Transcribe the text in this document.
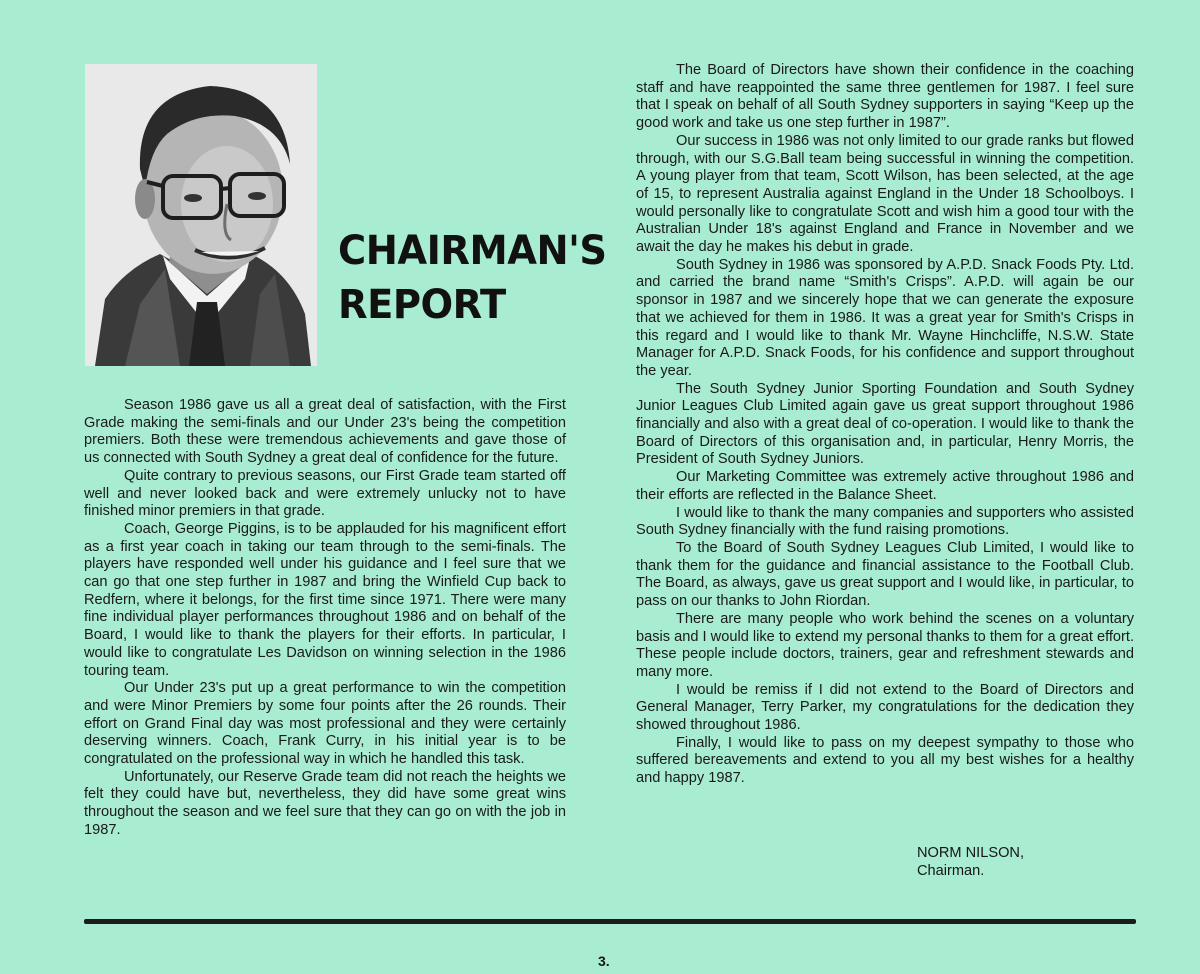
CHAIRMAN'S
REPORT

Season 1986 gave us all a great deal of satisfaction, with the First Grade making the semi-finals and our Under 23's being the competition premiers. Both these were tremendous achievements and gave those of us connected with South Sydney a great deal of confidence for the future.

Quite contrary to previous seasons, our First Grade team started off well and never looked back and were extremely unlucky not to have finished minor premiers in that grade.

Coach, George Piggins, is to be applauded for his magnificent effort as a first year coach in taking our team through to the semi-finals. The players have responded well under his guidance and I feel sure that we can go that one step further in 1987 and bring the Winfield Cup back to Redfern, where it belongs, for the first time since 1971. There were many fine individual player performances throughout 1986 and on behalf of the Board, I would like to thank the players for their efforts. In particular, I would like to congratulate Les Davidson on winning selection in the 1986 touring team.

Our Under 23's put up a great performance to win the competition and were Minor Premiers by some four points after the 26 rounds. Their effort on Grand Final day was most professional and they were certainly deserving winners. Coach, Frank Curry, in his initial year is to be congratulated on the professional way in which he handled this task.

Unfortunately, our Reserve Grade team did not reach the heights we felt they could have but, nevertheless, they did have some great wins throughout the season and we feel sure that they can go on with the job in 1987.

The Board of Directors have shown their confidence in the coaching staff and have reappointed the same three gentlemen for 1987. I feel sure that I speak on behalf of all South Sydney supporters in saying “Keep up the good work and take us one step further in 1987”.

Our success in 1986 was not only limited to our grade ranks but flowed through, with our S.G.Ball team being successful in winning the competition. A young player from that team, Scott Wilson, has been selected, at the age of 15, to represent Australia against England in the Under 18 Schoolboys. I would personally like to congratulate Scott and wish him a good tour with the Australian Under 18's against England and France in November and we await the day he makes his debut in grade.

South Sydney in 1986 was sponsored by A.P.D. Snack Foods Pty. Ltd. and carried the brand name “Smith's Crisps”. A.P.D. will again be our sponsor in 1987 and we sincerely hope that we can generate the exposure that we achieved for them in 1986. It was a great year for Smith's Crisps in this regard and I would like to thank Mr. Wayne Hinchcliffe, N.S.W. State Manager for A.P.D. Snack Foods, for his confidence and support throughout the year.

The South Sydney Junior Sporting Foundation and South Sydney Junior Leagues Club Limited again gave us great support throughout 1986 financially and also with a great deal of co-operation. I would like to thank the Board of Directors of this organisation and, in particular, Henry Morris, the President of South Sydney Juniors.

Our Marketing Committee was extremely active throughout 1986 and their efforts are reflected in the Balance Sheet.

I would like to thank the many companies and supporters who assisted South Sydney financially with the fund raising promotions.

To the Board of South Sydney Leagues Club Limited, I would like to thank them for the guidance and financial assistance to the Football Club. The Board, as always, gave us great support and I would like, in particular, to pass on our thanks to John Riordan.

There are many people who work behind the scenes on a voluntary basis and I would like to extend my personal thanks to them for a great effort. These people include doctors, trainers, gear and refreshment stewards and many more.

I would be remiss if I did not extend to the Board of Directors and General Manager, Terry Parker, my congratulations for the dedication they showed throughout 1986.

Finally, I would like to pass on my deepest sympathy to those who suffered bereavements and extend to you all my best wishes for a healthy and happy 1987.

NORM NILSON,
Chairman.
3.
